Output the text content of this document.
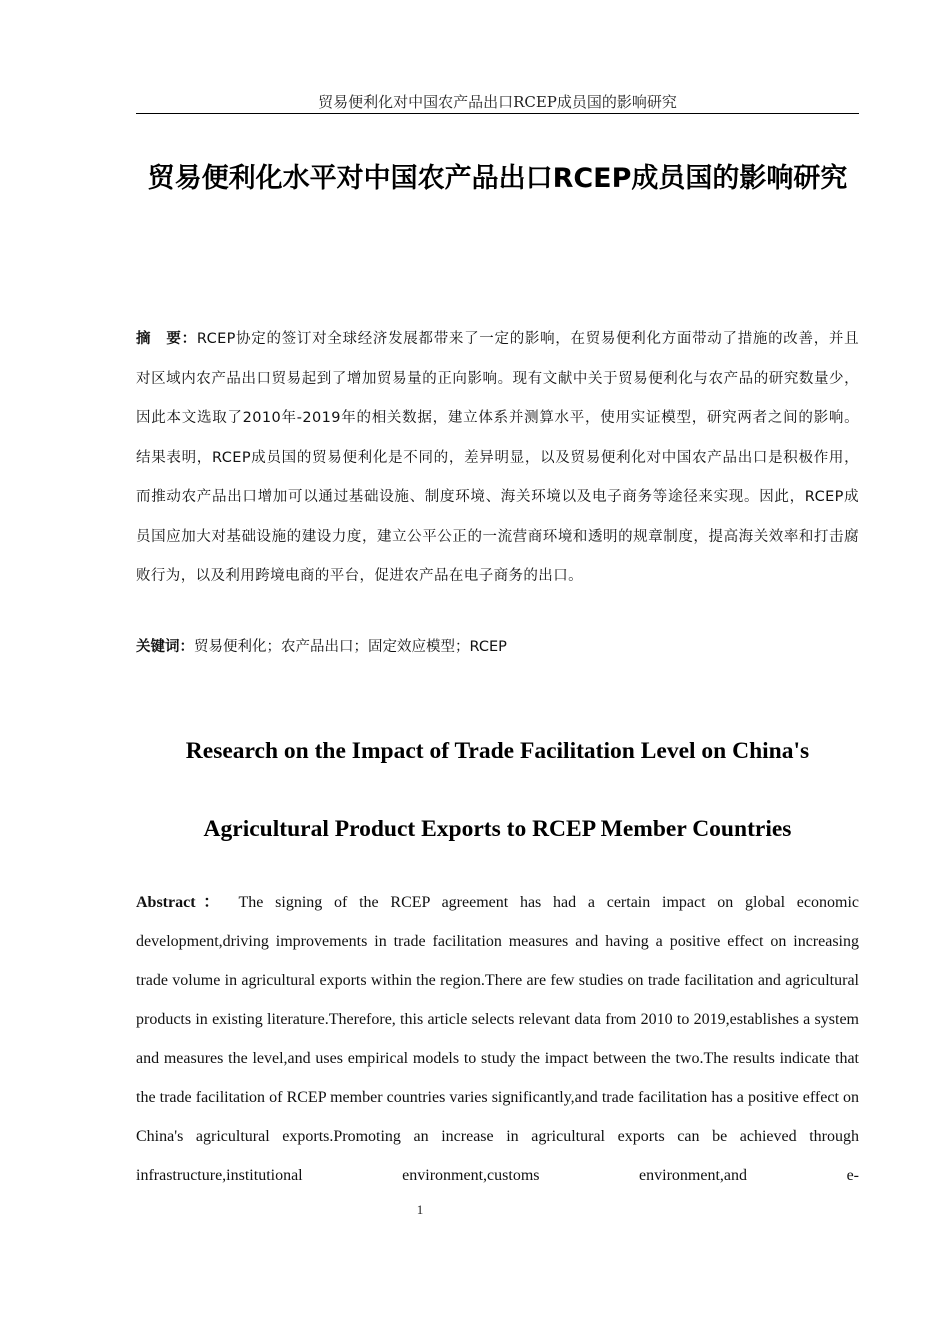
贸易便利化对中国农产品出口RCEP成员国的影响研究
贸易便利化水平对中国农产品出口RCEP成员国的影响研究
摘　要：RCEP协定的签订对全球经济发展都带来了一定的影响，在贸易便利化方面带动了措施的改善，并且对区域内农产品出口贸易起到了增加贸易量的正向影响。现有文献中关于贸易便利化与农产品的研究数量少，因此本文选取了2010年-2019年的相关数据，建立体系并测算水平，使用实证模型，研究两者之间的影响。结果表明，RCEP成员国的贸易便利化是不同的，差异明显，以及贸易便利化对中国农产品出口是积极作用，而推动农产品出口增加可以通过基础设施、制度环境、海关环境以及电子商务等途径来实现。因此，RCEP成员国应加大对基础设施的建设力度，建立公平公正的一流营商环境和透明的规章制度，提高海关效率和打击腐败行为，以及利用跨境电商的平台，促进农产品在电子商务的出口。
关键词：贸易便利化；农产品出口；固定效应模型；RCEP
Research on the Impact of Trade Facilitation Level on China's Agricultural Product Exports to RCEP Member Countries
Abstract： The signing of the RCEP agreement has had a certain impact on global economic development,driving improvements in trade facilitation measures and having a positive effect on increasing trade volume in agricultural exports within the region.There are few studies on trade facilitation and agricultural products in existing literature.Therefore, this article selects relevant data from 2010 to 2019,establishes a system and measures the level,and uses empirical models to study the impact between the two.The results indicate that the trade facilitation of RCEP member countries varies significantly,and trade facilitation has a positive effect on China's agricultural exports.Promoting an increase in agricultural exports can be achieved through infrastructure,institutional environment,customs environment,and e-
1
